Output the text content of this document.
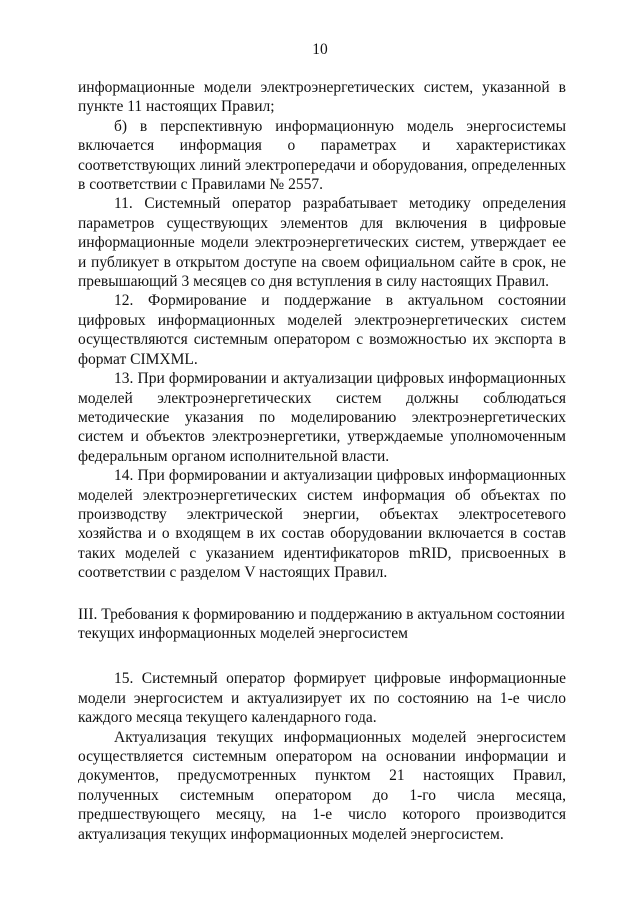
10

информационные модели электроэнергетических систем, указанной в пункте 11 настоящих Правил;

б) в перспективную информационную модель энергосистемы включается информация о параметрах и характеристиках соответствующих линий электропередачи и оборудования, определенных в соответствии с Правилами № 2557.

11. Системный оператор разрабатывает методику определения параметров существующих элементов для включения в цифровые информационные модели электроэнергетических систем, утверждает ее и публикует в открытом доступе на своем официальном сайте в срок, не превышающий 3 месяцев со дня вступления в силу настоящих Правил.

12. Формирование и поддержание в актуальном состоянии цифровых информационных моделей электроэнергетических систем осуществляются системным оператором с возможностью их экспорта в формат CIMXML.

13. При формировании и актуализации цифровых информационных моделей электроэнергетических систем должны соблюдаться методические указания по моделированию электроэнергетических систем и объектов электроэнергетики, утверждаемые уполномоченным федеральным органом исполнительной власти.

14. При формировании и актуализации цифровых информационных моделей электроэнергетических систем информация об объектах по производству электрической энергии, объектах электросетевого хозяйства и о входящем в их состав оборудовании включается в состав таких моделей с указанием идентификаторов mRID, присвоенных в соответствии с разделом V настоящих Правил.

III. Требования к формированию и поддержанию в актуальном состоянии
текущих информационных моделей энергосистем

15. Системный оператор формирует цифровые информационные модели энергосистем и актуализирует их по состоянию на 1-е число каждого месяца текущего календарного года.

Актуализация текущих информационных моделей энергосистем осуществляется системным оператором на основании информации и документов, предусмотренных пунктом 21 настоящих Правил, полученных системным оператором до 1-го числа месяца, предшествующего месяцу, на 1-е число которого производится актуализация текущих информационных моделей энергосистем.
